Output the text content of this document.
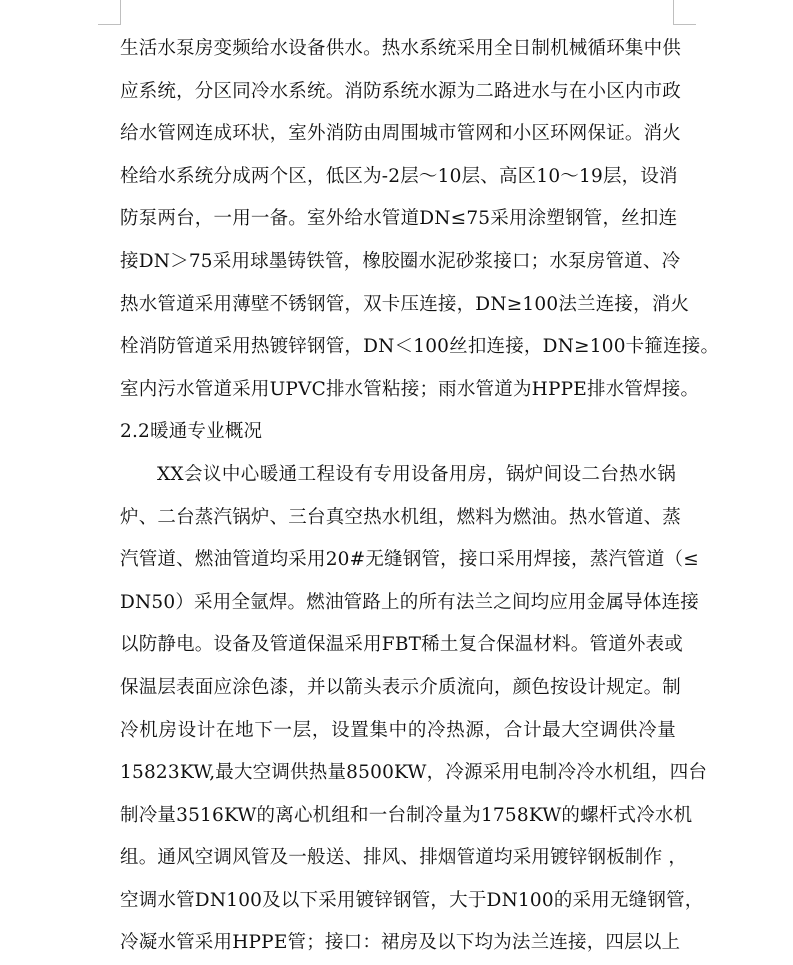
生活水泵房变频给水设备供水。热水系统采用全日制机械循环集中供
应系统，分区同冷水系统。消防系统水源为二路进水与在小区内市政
给水管网连成环状，室外消防由周围城市管网和小区环网保证。消火
栓给水系统分成两个区，低区为-2层～10层、高区10～19层，设消
防泵两台，一用一备。室外给水管道DN≤75采用涂塑钢管，丝扣连
接DN＞75采用球墨铸铁管，橡胶圈水泥砂浆接口；水泵房管道、冷
热水管道采用薄壁不锈钢管，双卡压连接，DN≥100法兰连接，消火
栓消防管道采用热镀锌钢管，DN＜100丝扣连接，DN≥100卡箍连接。
室内污水管道采用UPVC排水管粘接；雨水管道为HPPE排水管焊接。
2.2暖通专业概况
XX会议中心暖通工程设有专用设备用房，锅炉间设二台热水锅
炉、二台蒸汽锅炉、三台真空热水机组，燃料为燃油。热水管道、蒸
汽管道、燃油管道均采用20#无缝钢管，接口采用焊接，蒸汽管道（≤
DN50）采用全氩焊。燃油管路上的所有法兰之间均应用金属导体连接
以防静电。设备及管道保温采用FBT稀土复合保温材料。管道外表或
保温层表面应涂色漆，并以箭头表示介质流向，颜色按设计规定。制
冷机房设计在地下一层，设置集中的冷热源，合计最大空调供冷量
15823KW,最大空调供热量8500KW，冷源采用电制冷冷水机组，四台
制冷量3516KW的离心机组和一台制冷量为1758KW的螺杆式冷水机
组。通风空调风管及一般送、排风、排烟管道均采用镀锌钢板制作 ，
空调水管DN100及以下采用镀锌钢管，大于DN100的采用无缝钢管，
冷凝水管采用HPPE管；接口：裙房及以下均为法兰连接，四层以上
